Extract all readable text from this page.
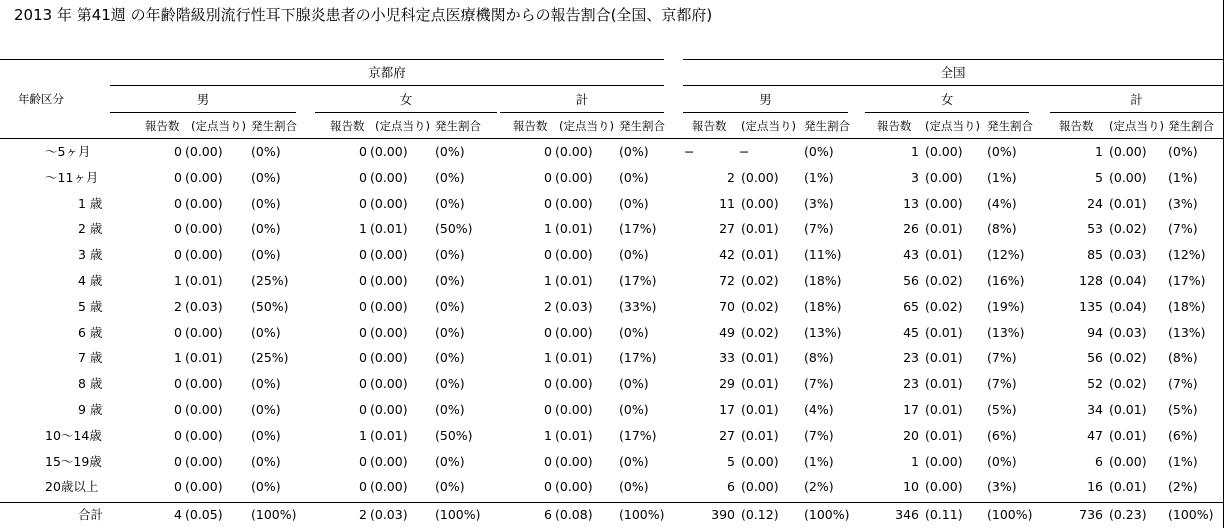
2013 年 第41週 の年齢階級別流行性耳下腺炎患者の小児科定点医療機関からの報告割合(全国、京都府)
年齢区分
京都府	全国
男	女	計	男	女	計
報告数 (定点当り) 発生割合	報告数 (定点当り) 発生割合	報告数 (定点当り) 発生割合 報告数 (定点当り) 発生割合 報告数 (定点当り) 発生割合 報告数 (定点当り) 発生割合
〜5ヶ月	0 (0.00) (0%)	0 (0.00) (0%)	0 (0.00) (0%)	−	−	(0%)	1 (0.00) (0%)	1 (0.00) (0%)
〜11ヶ月	0 (0.00) (0%)	0 (0.00) (0%)	0 (0.00) (0%)	2 (0.00) (1%)	3 (0.00) (1%)	5 (0.00) (1%)
1 歳	0 (0.00) (0%)	0 (0.00) (0%)	0 (0.00) (0%)	11 (0.00) (3%)	13 (0.00) (4%)	24 (0.01) (3%)
2 歳	0 (0.00) (0%)	1 (0.01) (50%)	1 (0.01) (17%)	27 (0.01) (7%)	26 (0.01) (8%)	53 (0.02) (7%)
3 歳	0 (0.00) (0%)	0 (0.00) (0%)	0 (0.00) (0%)	42 (0.01) (11%)	43 (0.01) (12%)	85 (0.03) (12%)
4 歳	1 (0.01) (25%)	0 (0.00) (0%)	1 (0.01) (17%)	72 (0.02) (18%)	56 (0.02) (16%)	128 (0.04) (17%)
5 歳	2 (0.03) (50%)	0 (0.00) (0%)	2 (0.03) (33%)	70 (0.02) (18%)	65 (0.02) (19%)	135 (0.04) (18%)
6 歳	0 (0.00) (0%)	0 (0.00) (0%)	0 (0.00) (0%)	49 (0.02) (13%)	45 (0.01) (13%)	94 (0.03) (13%)
7 歳	1 (0.01) (25%)	0 (0.00) (0%)	1 (0.01) (17%)	33 (0.01) (8%)	23 (0.01) (7%)	56 (0.02) (8%)
8 歳	0 (0.00) (0%)	0 (0.00) (0%)	0 (0.00) (0%)	29 (0.01) (7%)	23 (0.01) (7%)	52 (0.02) (7%)
9 歳	0 (0.00) (0%)	0 (0.00) (0%)	0 (0.00) (0%)	17 (0.01) (4%)	17 (0.01) (5%)	34 (0.01) (5%)
10〜14歳	0 (0.00) (0%)	1 (0.01) (50%)	1 (0.01) (17%)	27 (0.01) (7%)	20 (0.01) (6%)	47 (0.01) (6%)
15〜19歳	0 (0.00) (0%)	0 (0.00) (0%)	0 (0.00) (0%)	5 (0.00) (1%)	1 (0.00) (0%)	6 (0.00) (1%)
20歳以上	0 (0.00) (0%)	0 (0.00) (0%)	0 (0.00) (0%)	6 (0.00) (2%)	10 (0.00) (3%)	16 (0.01) (2%)
合計	4 (0.05) (100%)	2 (0.03) (100%)	6 (0.08) (100%)	390 (0.12) (100%)	346 (0.11) (100%)	736 (0.23) (100%)
